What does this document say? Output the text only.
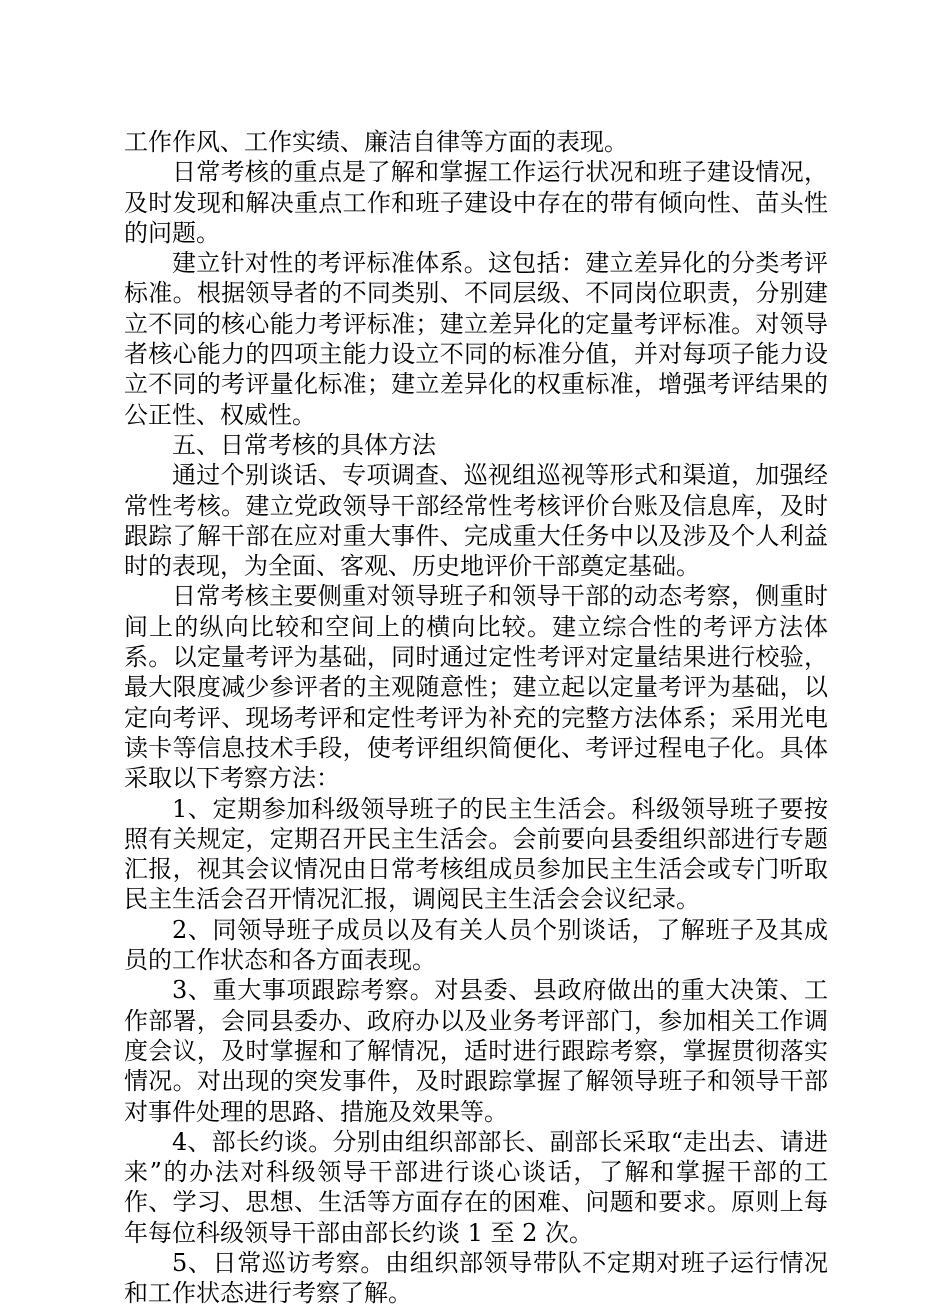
工作作风、工作实绩、廉洁自律等方面的表现。

日常考核的重点是了解和掌握工作运行状况和班子建设情况，及时发现和解决重点工作和班子建设中存在的带有倾向性、苗头性的问题。

建立针对性的考评标准体系。这包括：建立差异化的分类考评标准。根据领导者的不同类别、不同层级、不同岗位职责，分别建立不同的核心能力考评标准；建立差异化的定量考评标准。对领导者核心能力的四项主能力设立不同的标准分值，并对每项子能力设立不同的考评量化标准；建立差异化的权重标准，增强考评结果的公正性、权威性。

五、日常考核的具体方法

通过个别谈话、专项调查、巡视组巡视等形式和渠道，加强经常性考核。建立党政领导干部经常性考核评价台账及信息库，及时跟踪了解干部在应对重大事件、完成重大任务中以及涉及个人利益时的表现，为全面、客观、历史地评价干部奠定基础。

日常考核主要侧重对领导班子和领导干部的动态考察，侧重时间上的纵向比较和空间上的横向比较。建立综合性的考评方法体系。以定量考评为基础，同时通过定性考评对定量结果进行校验，最大限度减少参评者的主观随意性；建立起以定量考评为基础，以定向考评、现场考评和定性考评为补充的完整方法体系；采用光电读卡等信息技术手段，使考评组织简便化、考评过程电子化。具体采取以下考察方法：

1、定期参加科级领导班子的民主生活会。科级领导班子要按照有关规定，定期召开民主生活会。会前要向县委组织部进行专题汇报，视其会议情况由日常考核组成员参加民主生活会或专门听取民主生活会召开情况汇报，调阅民主生活会会议纪录。

2、同领导班子成员以及有关人员个别谈话，了解班子及其成员的工作状态和各方面表现。

3、重大事项跟踪考察。对县委、县政府做出的重大决策、工作部署，会同县委办、政府办以及业务考评部门，参加相关工作调度会议，及时掌握和了解情况，适时进行跟踪考察，掌握贯彻落实情况。对出现的突发事件，及时跟踪掌握了解领导班子和领导干部对事件处理的思路、措施及效果等。

4、部长约谈。分别由组织部部长、副部长采取“走出去、请进来”的办法对科级领导干部进行谈心谈话，了解和掌握干部的工作、学习、思想、生活等方面存在的困难、问题和要求。原则上每年每位科级领导干部由部长约谈 1 至 2 次。

5、日常巡访考察。由组织部领导带队不定期对班子运行情况和工作状态进行考察了解。
